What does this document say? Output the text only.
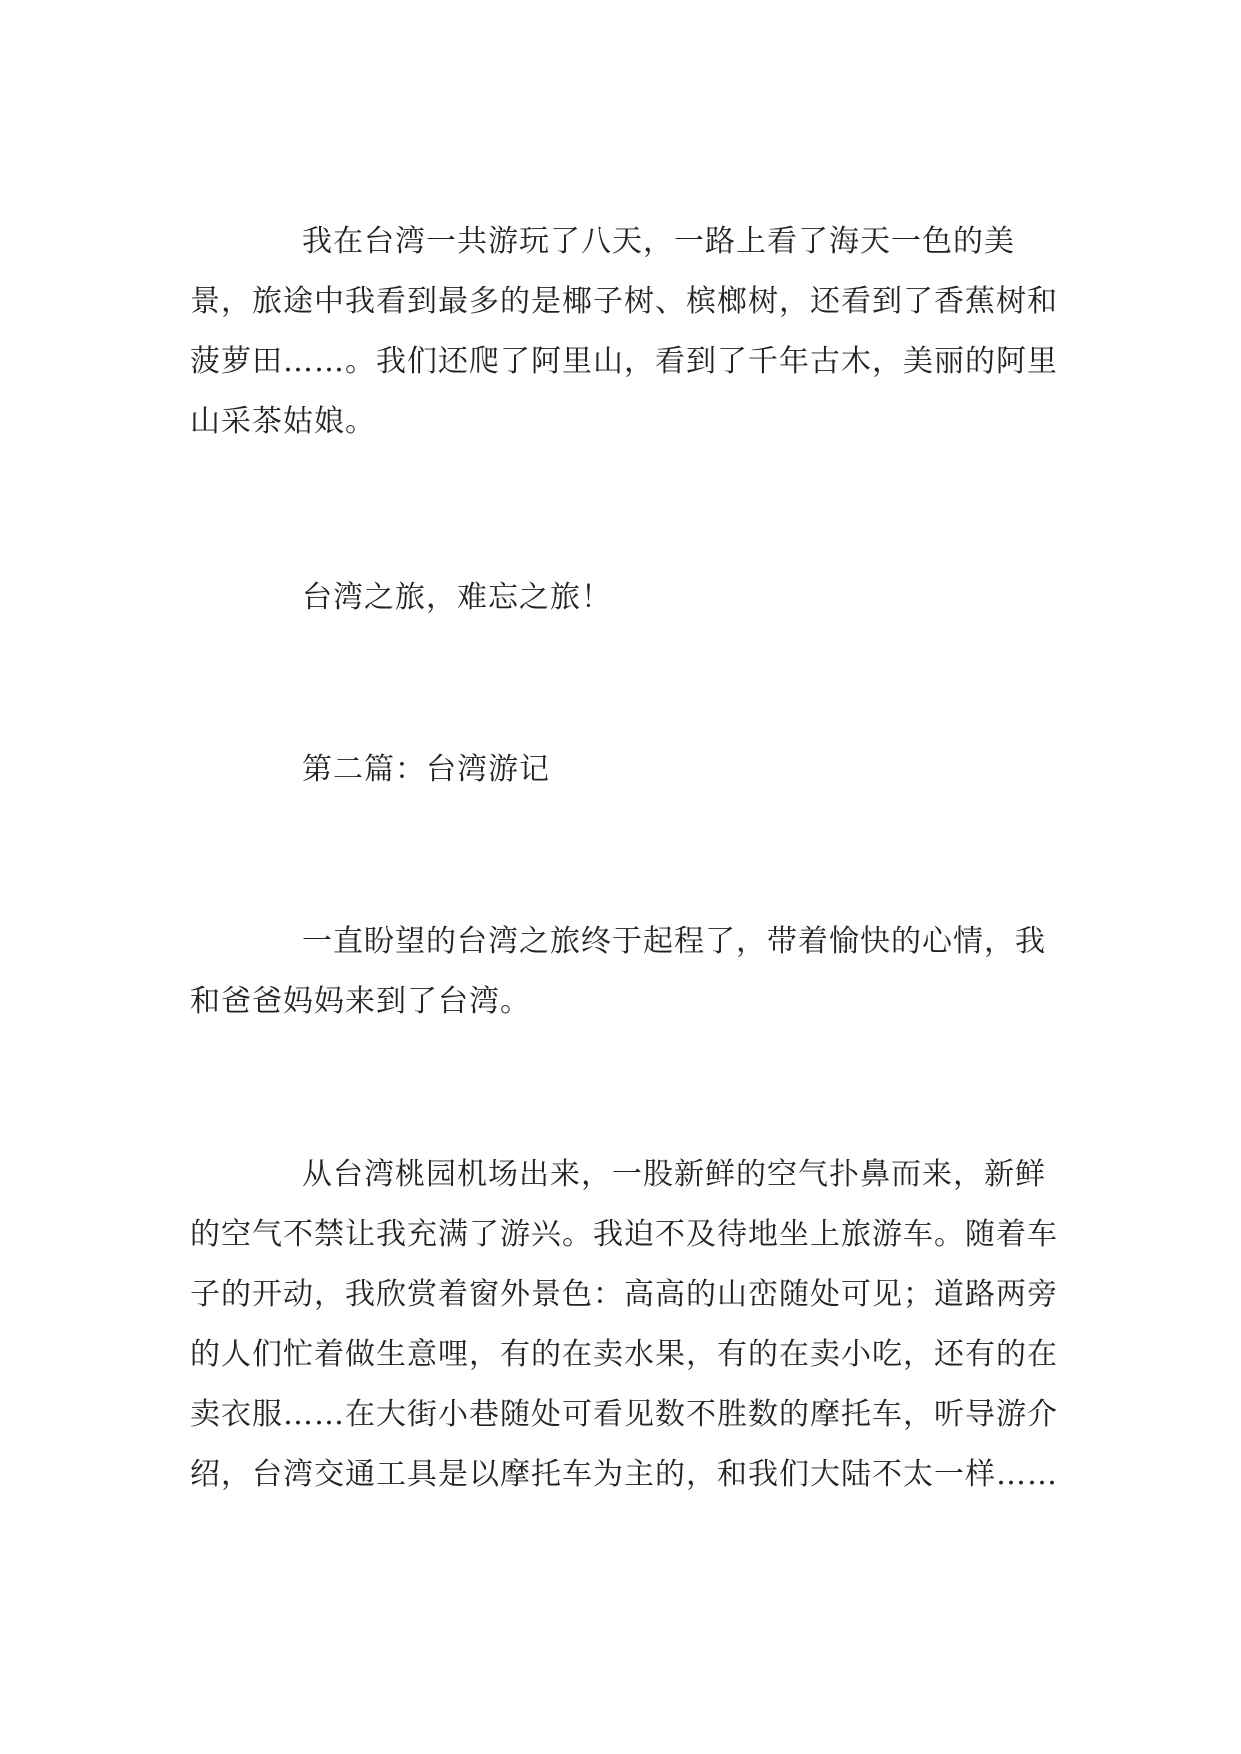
我在台湾一共游玩了八天，一路上看了海天一色的美景，旅途中我看到最多的是椰子树、槟榔树，还看到了香蕉树和菠萝田……。我们还爬了阿里山，看到了千年古木，美丽的阿里山采茶姑娘。

台湾之旅，难忘之旅！

第二篇：台湾游记

一直盼望的台湾之旅终于起程了，带着愉快的心情，我和爸爸妈妈来到了台湾。

从台湾桃园机场出来，一股新鲜的空气扑鼻而来，新鲜的空气不禁让我充满了游兴。我迫不及待地坐上旅游车。随着车子的开动，我欣赏着窗外景色：高高的山峦随处可见；道路两旁的人们忙着做生意哩，有的在卖水果，有的在卖小吃，还有的在卖衣服……在大街小巷随处可看见数不胜数的摩托车，听导游介绍，台湾交通工具是以摩托车为主的，和我们大陆不太一样……
